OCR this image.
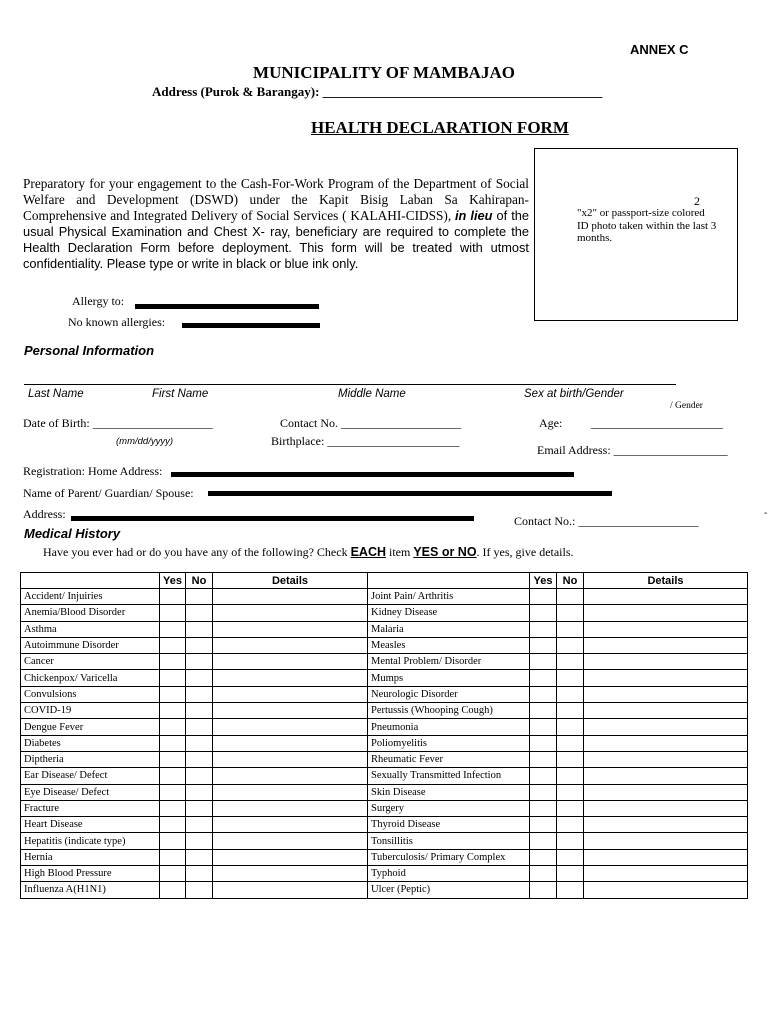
ANNEX C
MUNICIPALITY OF MAMBAJAO
Address (Purok & Barangay): ___________________________________________
HEALTH DECLARATION FORM
2
"x2" or passport-size colored ID photo taken within the last 3 months.
Preparatory for your engagement to the Cash-For-Work Program of the Department of Social Welfare and Development (DSWD) under the Kapit Bisig Laban Sa Kahirapan-Comprehensive and Integrated Delivery of Social Services ( KALAHI-CIDSS), in lieu of the usual Physical Examination and Chest X- ray, beneficiary are required to complete the Health Declaration Form before deployment. This form will be treated with utmost confidentiality. Please type or write in black or blue ink only.
Allergy to:
No known allergies:
Personal Information
Last Name	First Name	Middle Name	Sex at birth/Gender
/ Gender
Date of Birth: ____________________
(mm/dd/yyyy)
Contact No. ____________________
Birthplace: ______________________
Age: ______________________
Email Address: ___________________
Registration: Home Address:
Name of Parent/ Guardian/ Spouse:
Address:	Contact No.: ____________________
‐
Medical History
Have you ever had or do you have any of the following? Check EACH item YES or NO. If yes, give details.
	Yes	No	Details		Yes	No	Details
Accident/ Injuiries				Joint Pain/ Arthritis			
Anemia/Blood Disorder				Kidney Disease			
Asthma				Malaria			
Autoimmune Disorder				Measles			
Cancer				Mental Problem/ Disorder			
Chickenpox/ Varicella				Mumps			
Convulsions				Neurologic Disorder			
COVID-19				Pertussis (Whooping Cough)			
Dengue Fever				Pneumonia			
Diabetes				Poliomyelitis			
Diptheria				Rheumatic Fever			
Ear Disease/ Defect				Sexually Transmitted Infection			
Eye Disease/ Defect				Skin Disease			
Fracture				Surgery			
Heart Disease				Thyroid Disease			
Hepatitis (indicate type)				Tonsillitis			
Hernia				Tuberculosis/ Primary Complex			
High Blood Pressure				Typhoid			
Influenza A(H1N1)				Ulcer (Peptic)			
